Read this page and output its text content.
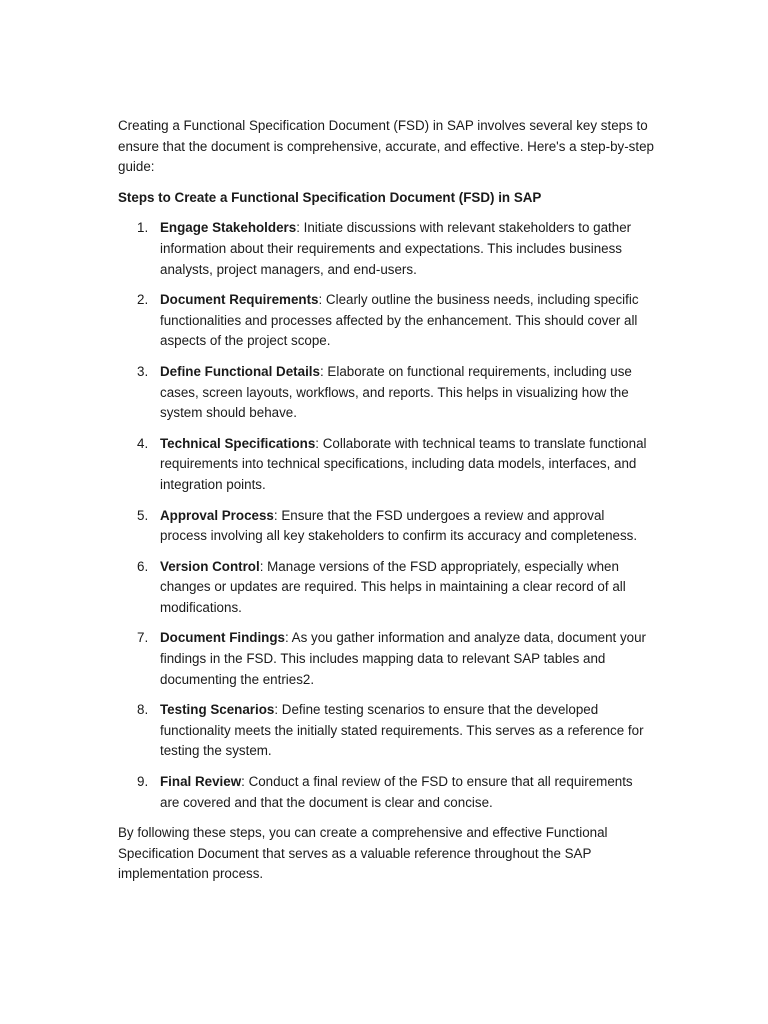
Creating a Functional Specification Document (FSD) in SAP involves several key steps to ensure that the document is comprehensive, accurate, and effective. Here's a step-by-step guide:

Steps to Create a Functional Specification Document (FSD) in SAP

1. Engage Stakeholders: Initiate discussions with relevant stakeholders to gather information about their requirements and expectations. This includes business analysts, project managers, and end-users.
2. Document Requirements: Clearly outline the business needs, including specific functionalities and processes affected by the enhancement. This should cover all aspects of the project scope.
3. Define Functional Details: Elaborate on functional requirements, including use cases, screen layouts, workflows, and reports. This helps in visualizing how the system should behave.
4. Technical Specifications: Collaborate with technical teams to translate functional requirements into technical specifications, including data models, interfaces, and integration points.
5. Approval Process: Ensure that the FSD undergoes a review and approval process involving all key stakeholders to confirm its accuracy and completeness.
6. Version Control: Manage versions of the FSD appropriately, especially when changes or updates are required. This helps in maintaining a clear record of all modifications.
7. Document Findings: As you gather information and analyze data, document your findings in the FSD. This includes mapping data to relevant SAP tables and documenting the entries2.
8. Testing Scenarios: Define testing scenarios to ensure that the developed functionality meets the initially stated requirements. This serves as a reference for testing the system.
9. Final Review: Conduct a final review of the FSD to ensure that all requirements are covered and that the document is clear and concise.

By following these steps, you can create a comprehensive and effective Functional Specification Document that serves as a valuable reference throughout the SAP implementation process.
